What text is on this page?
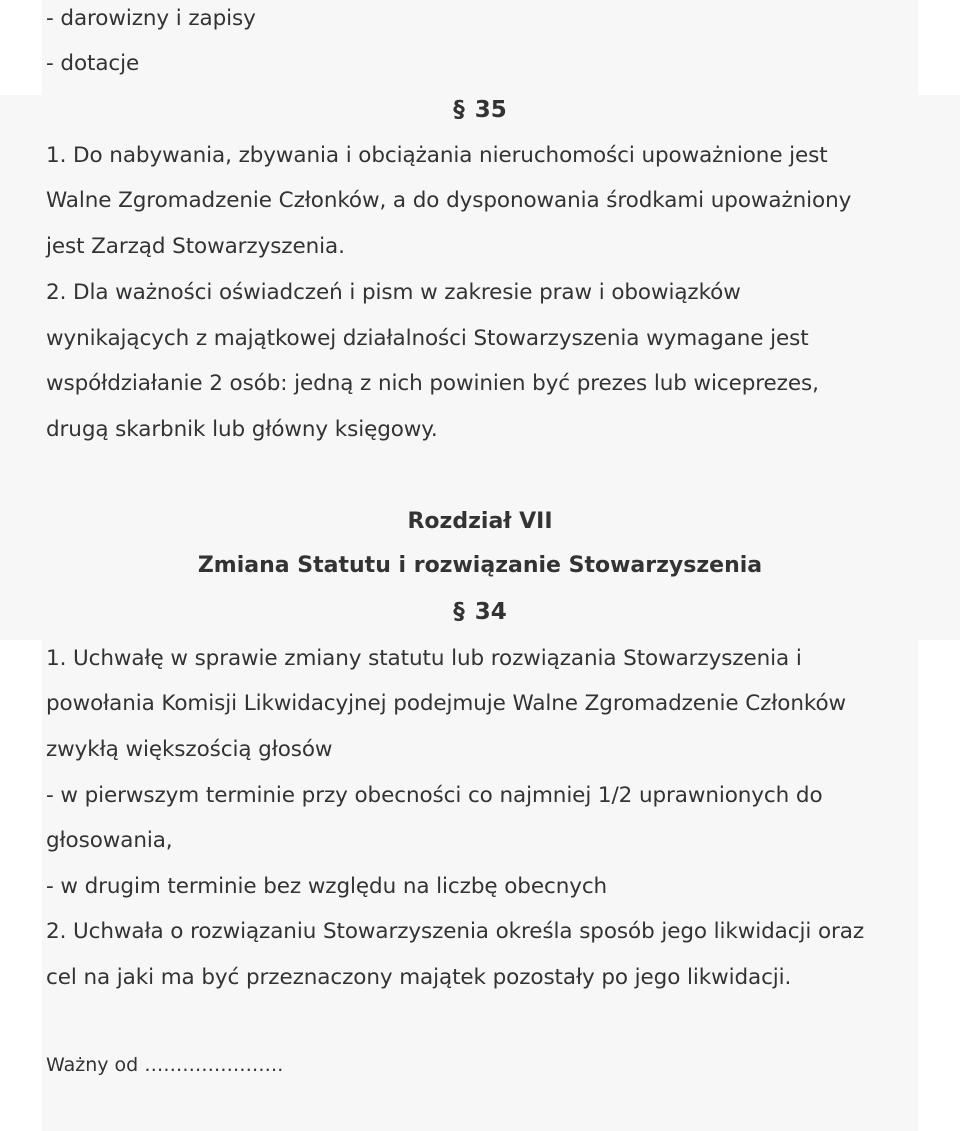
- darowizny i zapisy
- dotacje
§ 35
1. Do nabywania, zbywania i obciążania nieruchomości upoważnione jest
Walne Zgromadzenie Członków, a do dysponowania środkami upoważniony
jest Zarząd Stowarzyszenia.
2. Dla ważności oświadczeń i pism w zakresie praw i obowiązków
wynikających z majątkowej działalności Stowarzyszenia wymagane jest
współdziałanie 2 osób: jedną z nich powinien być prezes lub wiceprezes,
drugą skarbnik lub główny księgowy.
Rozdział VII
Zmiana Statutu i rozwiązanie Stowarzyszenia
§ 34
1. Uchwałę w sprawie zmiany statutu lub rozwiązania Stowarzyszenia i
powołania Komisji Likwidacyjnej podejmuje Walne Zgromadzenie Członków
zwykłą większością głosów
- w pierwszym terminie przy obecności co najmniej 1/2 uprawnionych do
głosowania,
- w drugim terminie bez względu na liczbę obecnych
2. Uchwała o rozwiązaniu Stowarzyszenia określa sposób jego likwidacji oraz
cel na jaki ma być przeznaczony majątek pozostały po jego likwidacji.
Ważny od ………………….
